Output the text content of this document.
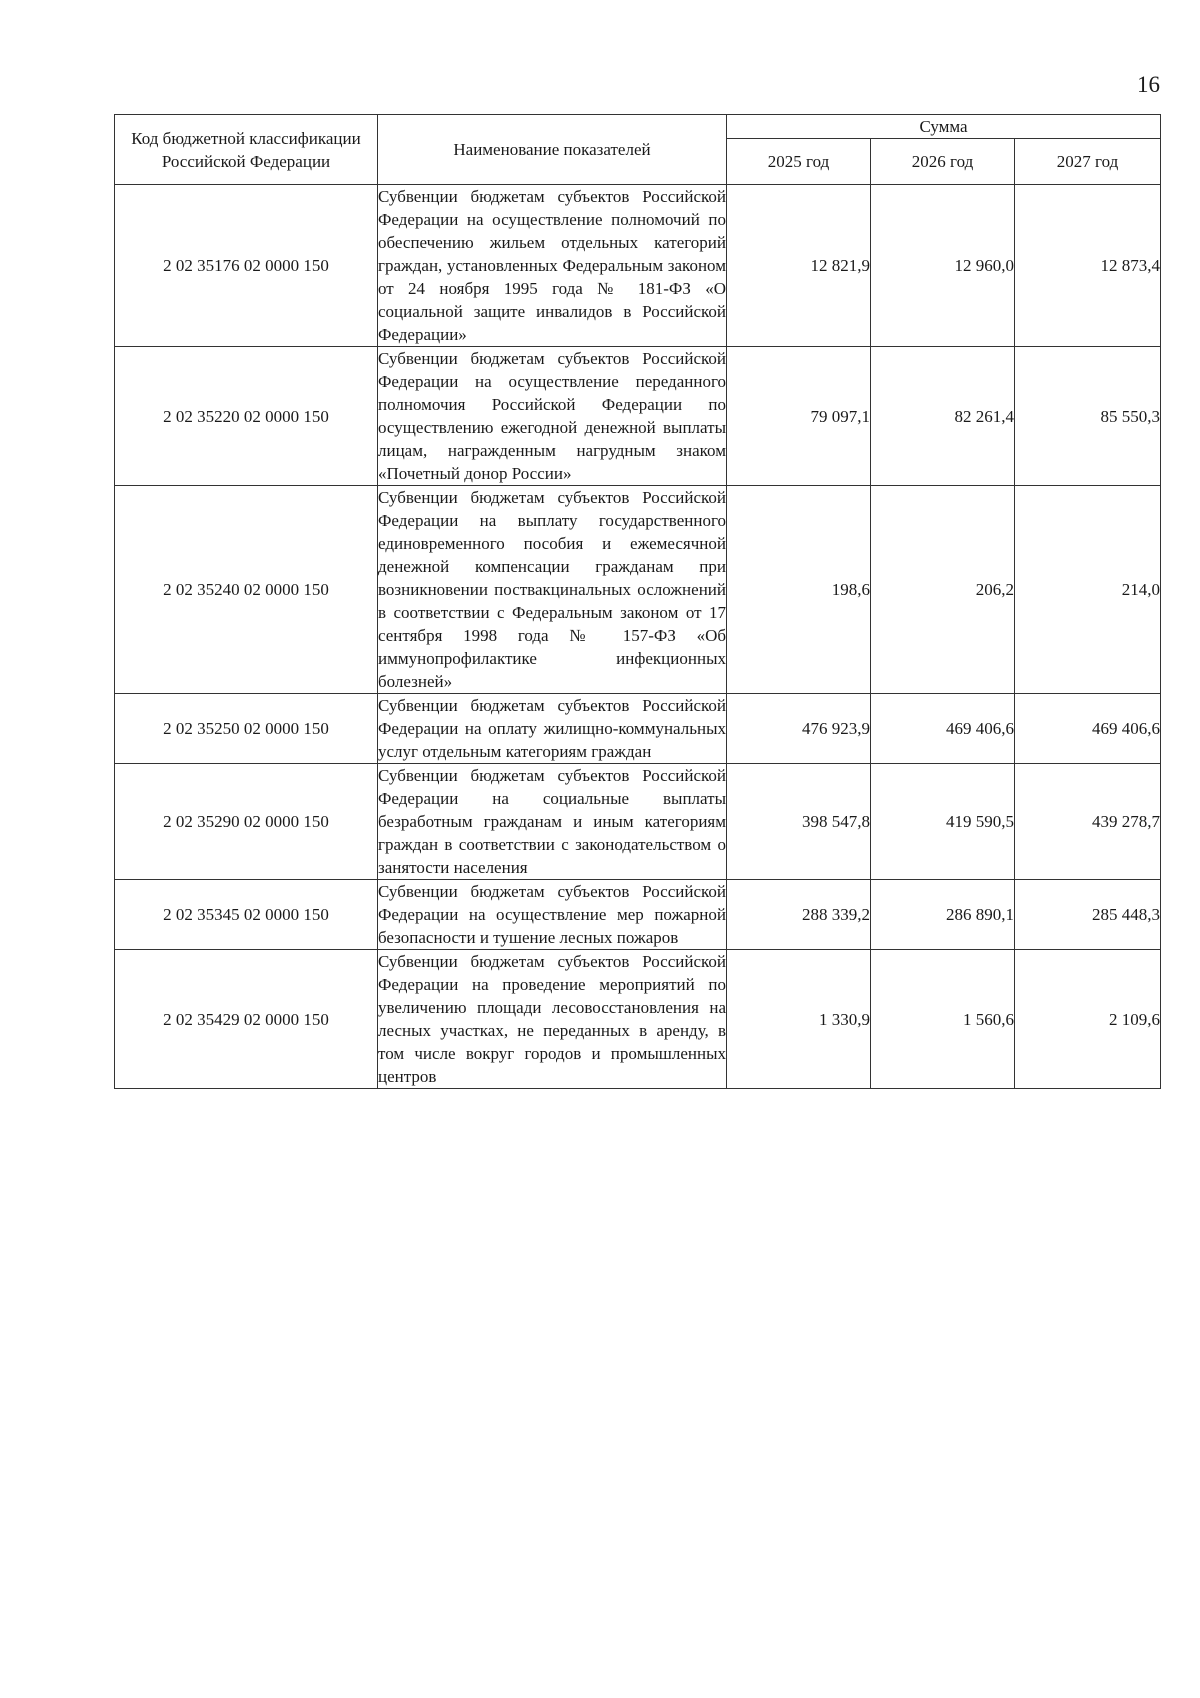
16
Код бюджетной классификации Российской Федерации	Наименование показателей	Сумма		
		2025 год	2026 год	2027 год
2 02 35176 02 0000 150	Субвенции бюджетам субъектов Российской Федерации на осуществление полномочий по обеспечению жильем отдельных категорий граждан, установленных Федеральным законом от 24 ноября 1995 года № 181-ФЗ «О социальной защите инвалидов в Российской Федерации»	12 821,9	12 960,0	12 873,4
2 02 35220 02 0000 150	Субвенции бюджетам субъектов Российской Федерации на осуществление переданного полномочия Российской Федерации по осуществлению ежегодной денежной выплаты лицам, награжденным нагрудным знаком «Почетный донор России»	79 097,1	82 261,4	85 550,3
2 02 35240 02 0000 150	Субвенции бюджетам субъектов Российской Федерации на выплату государственного единовременного пособия и ежемесячной денежной компенсации гражданам при возникновении поствакцинальных осложнений в соответствии с Федеральным законом от 17 сентября 1998 года № 157-ФЗ «Об иммунопрофилактике инфекционных болезней»	198,6	206,2	214,0
2 02 35250 02 0000 150	Субвенции бюджетам субъектов Российской Федерации на оплату жилищно-коммунальных услуг отдельным категориям граждан	476 923,9	469 406,6	469 406,6
2 02 35290 02 0000 150	Субвенции бюджетам субъектов Российской Федерации на социальные выплаты безработным гражданам и иным категориям граждан в соответствии с законодательством о занятости населения	398 547,8	419 590,5	439 278,7
2 02 35345 02 0000 150	Субвенции бюджетам субъектов Российской Федерации на осуществление мер пожарной безопасности и тушение лесных пожаров	288 339,2	286 890,1	285 448,3
2 02 35429 02 0000 150	Субвенции бюджетам субъектов Российской Федерации на проведение мероприятий по увеличению площади лесовосстановления на лесных участках, не переданных в аренду, в том числе вокруг городов и промышленных центров	1 330,9	1 560,6	2 109,6
